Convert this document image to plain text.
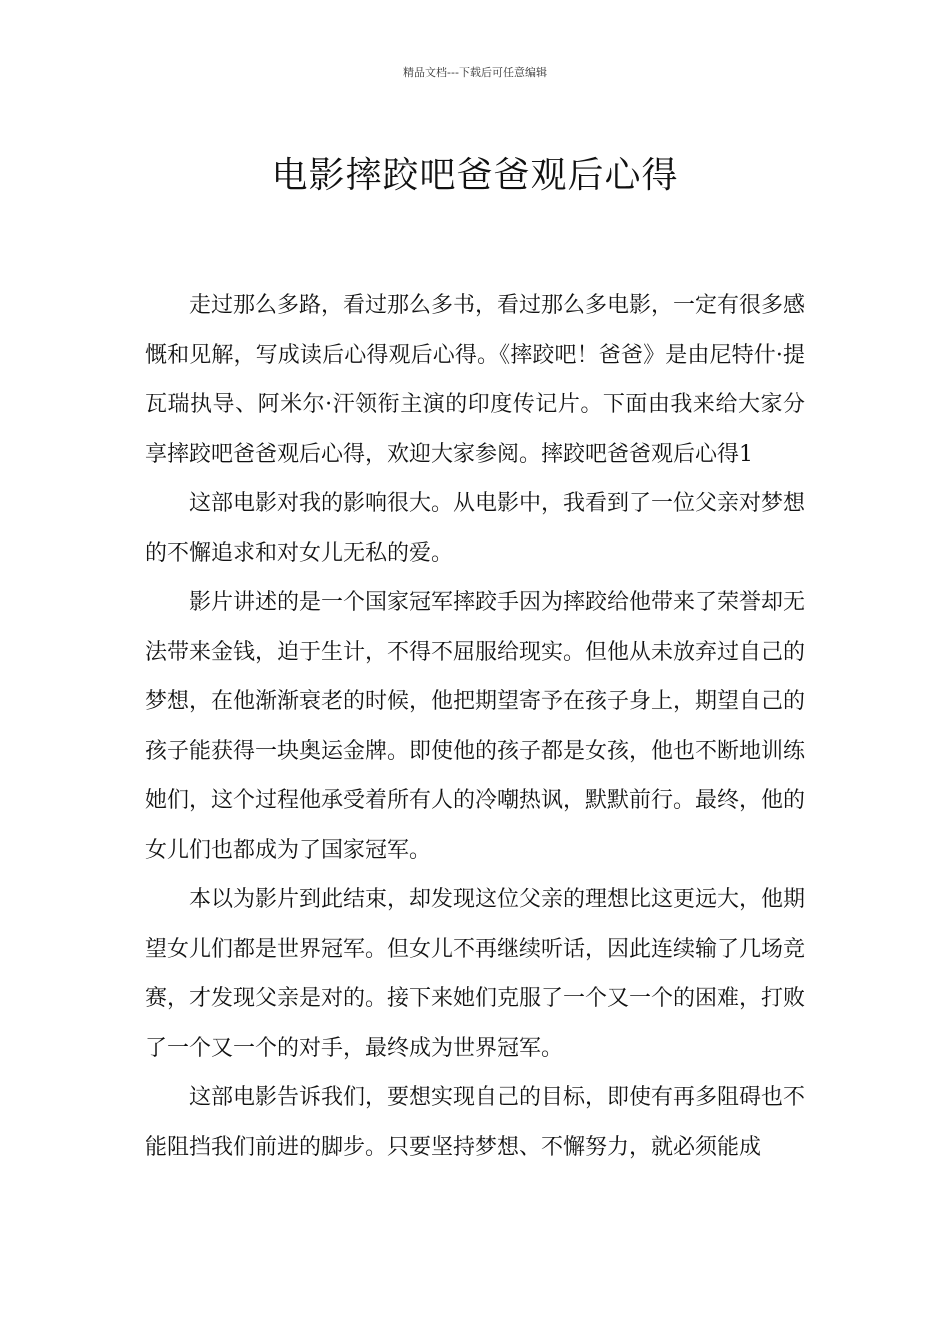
精品文档---下载后可任意编辑
电影摔跤吧爸爸观后心得

走过那么多路，看过那么多书，看过那么多电影，一定有很多感慨和见解，写成读后心得观后心得。《摔跤吧！爸爸》是由尼特什·提瓦瑞执导、阿米尔·汗领衔主演的印度传记片。下面由我来给大家分享摔跤吧爸爸观后心得，欢迎大家参阅。摔跤吧爸爸观后心得1

这部电影对我的影响很大。从电影中，我看到了一位父亲对梦想的不懈追求和对女儿无私的爱。

影片讲述的是一个国家冠军摔跤手因为摔跤给他带来了荣誉却无法带来金钱，迫于生计，不得不屈服给现实。但他从未放弃过自己的梦想，在他渐渐衰老的时候，他把期望寄予在孩子身上，期望自己的孩子能获得一块奥运金牌。即使他的孩子都是女孩，他也不断地训练她们，这个过程他承受着所有人的冷嘲热讽，默默前行。最终，他的女儿们也都成为了国家冠军。

本以为影片到此结束，却发现这位父亲的理想比这更远大，他期望女儿们都是世界冠军。但女儿不再继续听话，因此连续输了几场竞赛，才发现父亲是对的。接下来她们克服了一个又一个的困难，打败了一个又一个的对手，最终成为世界冠军。

这部电影告诉我们，要想实现自己的目标，即使有再多阻碍也不能阻挡我们前进的脚步。只要坚持梦想、不懈努力，就必须能成
